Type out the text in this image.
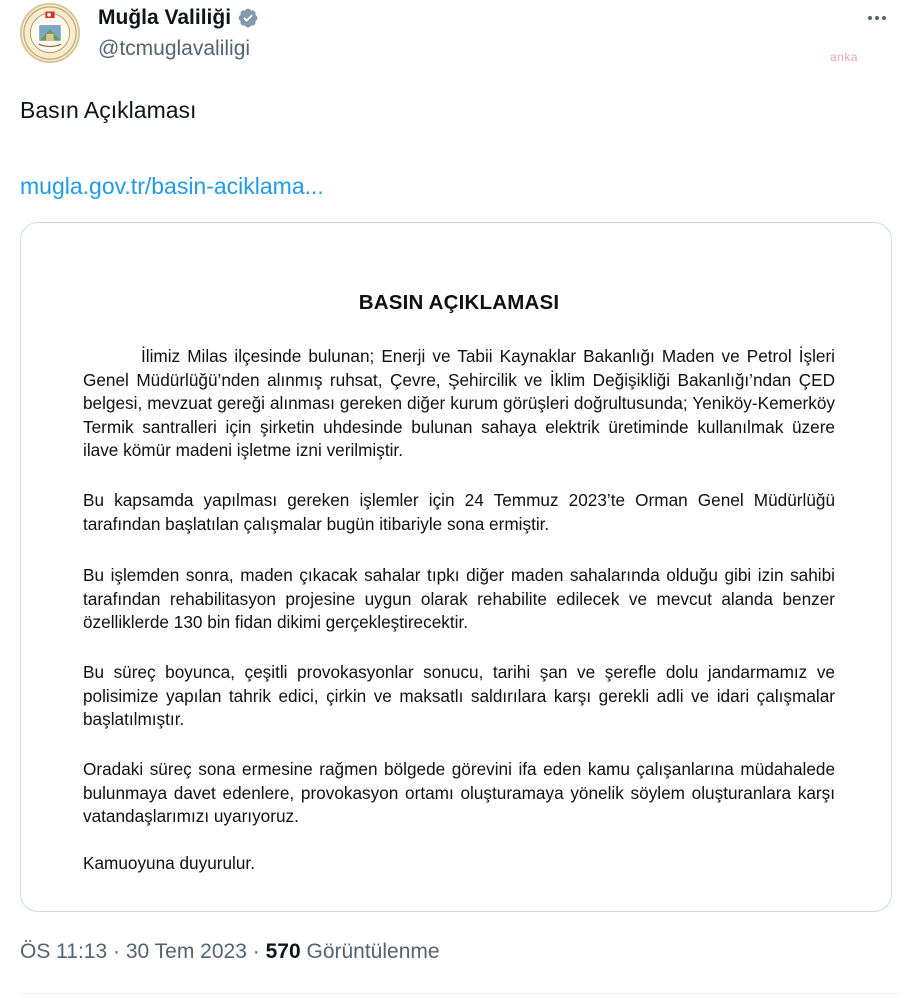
Muğla Valiliği
@tcmuglavaliligi	anka
Basın Açıklaması
mugla.gov.tr/basin-aciklama...
BASIN AÇIKLAMASI

İlimiz Milas ilçesinde bulunan; Enerji ve Tabii Kaynaklar Bakanlığı Maden ve Petrol İşleri Genel Müdürlüğü’nden alınmış ruhsat, Çevre, Şehircilik ve İklim Değişikliği Bakanlığı’ndan ÇED belgesi, mevzuat gereği alınması gereken diğer kurum görüşleri doğrultusunda; Yeniköy-Kemerköy Termik santralleri için şirketin uhdesinde bulunan sahaya elektrik üretiminde kullanılmak üzere ilave kömür madeni işletme izni verilmiştir.

Bu kapsamda yapılması gereken işlemler için 24 Temmuz 2023’te Orman Genel Müdürlüğü tarafından başlatılan çalışmalar bugün itibariyle sona ermiştir.

Bu işlemden sonra, maden çıkacak sahalar tıpkı diğer maden sahalarında olduğu gibi izin sahibi tarafından rehabilitasyon projesine uygun olarak rehabilite edilecek ve mevcut alanda benzer özelliklerde 130 bin fidan dikimi gerçekleştirecektir.

Bu süreç boyunca, çeşitli provokasyonlar sonucu, tarihi şan ve şerefle dolu jandarmamız ve polisimize yapılan tahrik edici, çirkin ve maksatlı saldırılara karşı gerekli adli ve idari çalışmalar başlatılmıştır.

Oradaki süreç sona ermesine rağmen bölgede görevini ifa eden kamu çalışanlarına müdahalede bulunmaya davet edenlere, provokasyon ortamı oluşturamaya yönelik söylem oluşturanlara karşı vatandaşlarımızı uyarıyoruz.

Kamuoyuna duyurulur.

ÖS 11:13 · 30 Tem 2023 · 570 Görüntülenme
